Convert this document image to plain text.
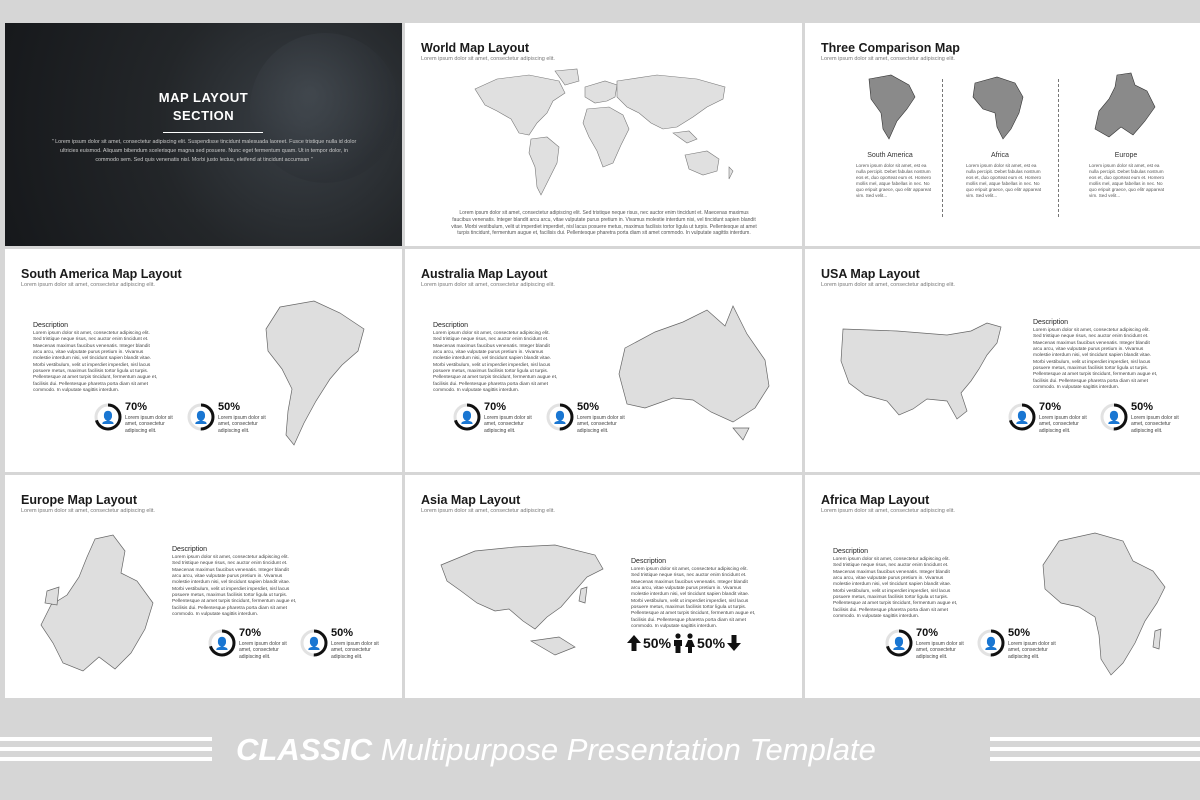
MAP LAYOUT
SECTION
" Lorem ipsum dolor sit amet, consectetur adipiscing elit. Suspendisse tincidunt malesuada laoreet. Fusce tristique nulla id dolor ultricies euismod. Aliquam bibendum scelerisque magna sed posuere. Nunc eget fermentum quam. Ut in tempor dolor, in commodo sem. Sed quis venenatis nisl. Morbi justo lectus, eleifend at tincidunt accumsan "
World Map Layout
Lorem ipsum dolor sit amet, consectetur adipiscing elit.
Lorem ipsum dolor sit amet, consectetur adipiscing elit. Sed tristique neque risus, nec auctor enim tincidunt et. Maecenas maximus faucibus venenatis. Integer blandit arcu arcu, vitae vulputate purus pretium in. Vivamus molestie interdum nisi, vel tincidunt sapien blandit vitae. Morbi vestibulum, velit ut imperdiet imperdiet, nisl lacus posuere metus, maximus facilisis tortor ligula ut turpis. Pellentesque at amet turpis tincidunt, fermentum augue et, facilisis dui. Pellentesque pharetra porta diam sit amet commodo. In vulputate sagittis interdum.
Three Comparison Map
Lorem ipsum dolor sit amet, consectetur adipiscing elit.
South America	Africa	Europe
Lorem ipsum dolor sit amet, est ea nulla percipit. Debet fabulas nostrum eos et, duo oporteat eum et. Homero mollis mel, atque fabellas in nec. No quo eripuit graece, quo elitr appareat vim. Sed velit...
Lorem ipsum dolor sit amet, est ea nulla percipit. Debet fabulas nostrum eos et, duo oporteat eum et. Homero mollis mel, atque fabellas in nec. No quo eripuit graece, quo elitr appareat vim. Sed velit...
Lorem ipsum dolor sit amet, est ea nulla percipit. Debet fabulas nostrum eos et, duo oporteat eum et. Homero mollis mel, atque fabellas in nec. No quo eripuit graece, quo elitr appareat vim. Sed velit...
South America Map Layout
Lorem ipsum dolor sit amet, consectetur adipiscing elit.
Description
Lorem ipsum dolor sit amet, consectetur adipiscing elit. Sed tristique neque risus, nec auctor enim tincidunt et. Maecenas maximus faucibus venenatis. Integer blandit arcu arcu, vitae vulputate purus pretium in. Vivamus molestie interdum nisi, vel tincidunt sapien blandit vitae. Morbi vestibulum, velit ut imperdiet imperdiet, nisl lacus posuere metus, maximus facilisis tortor ligula ut turpis. Pellentesque at amet turpis tincidunt, fermentum augue et, facilisis dui. Pellentesque pharetra porta diam sit amet commodo. In vulputate sagittis interdum.
👤
70%
Lorem ipsum dolor sit amet, consectetur adipiscing elit.
👤
50%
Lorem ipsum dolor sit amet, consectetur adipiscing elit.
Australia Map Layout
Lorem ipsum dolor sit amet, consectetur adipiscing elit.
Description
Lorem ipsum dolor sit amet, consectetur adipiscing elit. Sed tristique neque risus, nec auctor enim tincidunt et. Maecenas maximus faucibus venenatis. Integer blandit arcu arcu, vitae vulputate purus pretium in. Vivamus molestie interdum nisi, vel tincidunt sapien blandit vitae. Morbi vestibulum, velit ut imperdiet imperdiet, nisl lacus posuere metus, maximus facilisis tortor ligula ut turpis. Pellentesque at amet turpis tincidunt, fermentum augue et, facilisis dui. Pellentesque pharetra porta diam sit amet commodo. In vulputate sagittis interdum.
👤
70%
Lorem ipsum dolor sit amet, consectetur adipiscing elit.
👤
50%
Lorem ipsum dolor sit amet, consectetur adipiscing elit.
USA Map Layout
Lorem ipsum dolor sit amet, consectetur adipiscing elit.
Description
Lorem ipsum dolor sit amet, consectetur adipiscing elit. Sed tristique neque risus, nec auctor enim tincidunt et. Maecenas maximus faucibus venenatis. Integer blandit arcu arcu, vitae vulputate purus pretium in. Vivamus molestie interdum nisi, vel tincidunt sapien blandit vitae. Morbi vestibulum, velit ut imperdiet imperdiet, nisl lacus posuere metus, maximus facilisis tortor ligula ut turpis. Pellentesque at amet turpis tincidunt, fermentum augue et, facilisis dui. Pellentesque pharetra porta diam sit amet commodo. In vulputate sagittis interdum.
👤
70%
Lorem ipsum dolor sit amet, consectetur adipiscing elit.
👤
50%
Lorem ipsum dolor sit amet, consectetur adipiscing elit.
Europe Map Layout
Lorem ipsum dolor sit amet, consectetur adipiscing elit.
Description
Lorem ipsum dolor sit amet, consectetur adipiscing elit. Sed tristique neque risus, nec auctor enim tincidunt et. Maecenas maximus faucibus venenatis. Integer blandit arcu arcu, vitae vulputate purus pretium in. Vivamus molestie interdum nisi, vel tincidunt sapien blandit vitae. Morbi vestibulum, velit ut imperdiet imperdiet, nisl lacus posuere metus, maximus facilisis tortor ligula ut turpis. Pellentesque at amet turpis tincidunt, fermentum augue et, facilisis dui. Pellentesque pharetra porta diam sit amet commodo. In vulputate sagittis interdum.
👤
70%
Lorem ipsum dolor sit amet, consectetur adipiscing elit.
👤
50%
Lorem ipsum dolor sit amet, consectetur adipiscing elit.
Asia Map Layout
Lorem ipsum dolor sit amet, consectetur adipiscing elit.
Description
Lorem ipsum dolor sit amet, consectetur adipiscing elit. Sed tristique neque risus, nec auctor enim tincidunt et. Maecenas maximus faucibus venenatis. Integer blandit arcu arcu, vitae vulputate purus pretium in. Vivamus molestie interdum nisi, vel tincidunt sapien blandit vitae. Morbi vestibulum, velit ut imperdiet imperdiet, nisl lacus posuere metus, maximus facilisis tortor ligula ut turpis. Pellentesque at amet turpis tincidunt, fermentum augue et, facilisis dui. Pellentesque pharetra porta diam sit amet commodo. In vulputate sagittis interdum.
50% 50%
Africa Map Layout
Lorem ipsum dolor sit amet, consectetur adipiscing elit.
Description
Lorem ipsum dolor sit amet, consectetur adipiscing elit. Sed tristique neque risus, nec auctor enim tincidunt et. Maecenas maximus faucibus venenatis. Integer blandit arcu arcu, vitae vulputate purus pretium in. Vivamus molestie interdum nisi, vel tincidunt sapien blandit vitae. Morbi vestibulum, velit ut imperdiet imperdiet, nisl lacus posuere metus, maximus facilisis tortor ligula ut turpis. Pellentesque at amet turpis tincidunt, fermentum augue et, facilisis dui. Pellentesque pharetra porta diam sit amet commodo. In vulputate sagittis interdum.
👤
70%
Lorem ipsum dolor sit amet, consectetur adipiscing elit.
👤
50%
Lorem ipsum dolor sit amet, consectetur adipiscing elit.
CLASSIC Multipurpose Presentation Template
